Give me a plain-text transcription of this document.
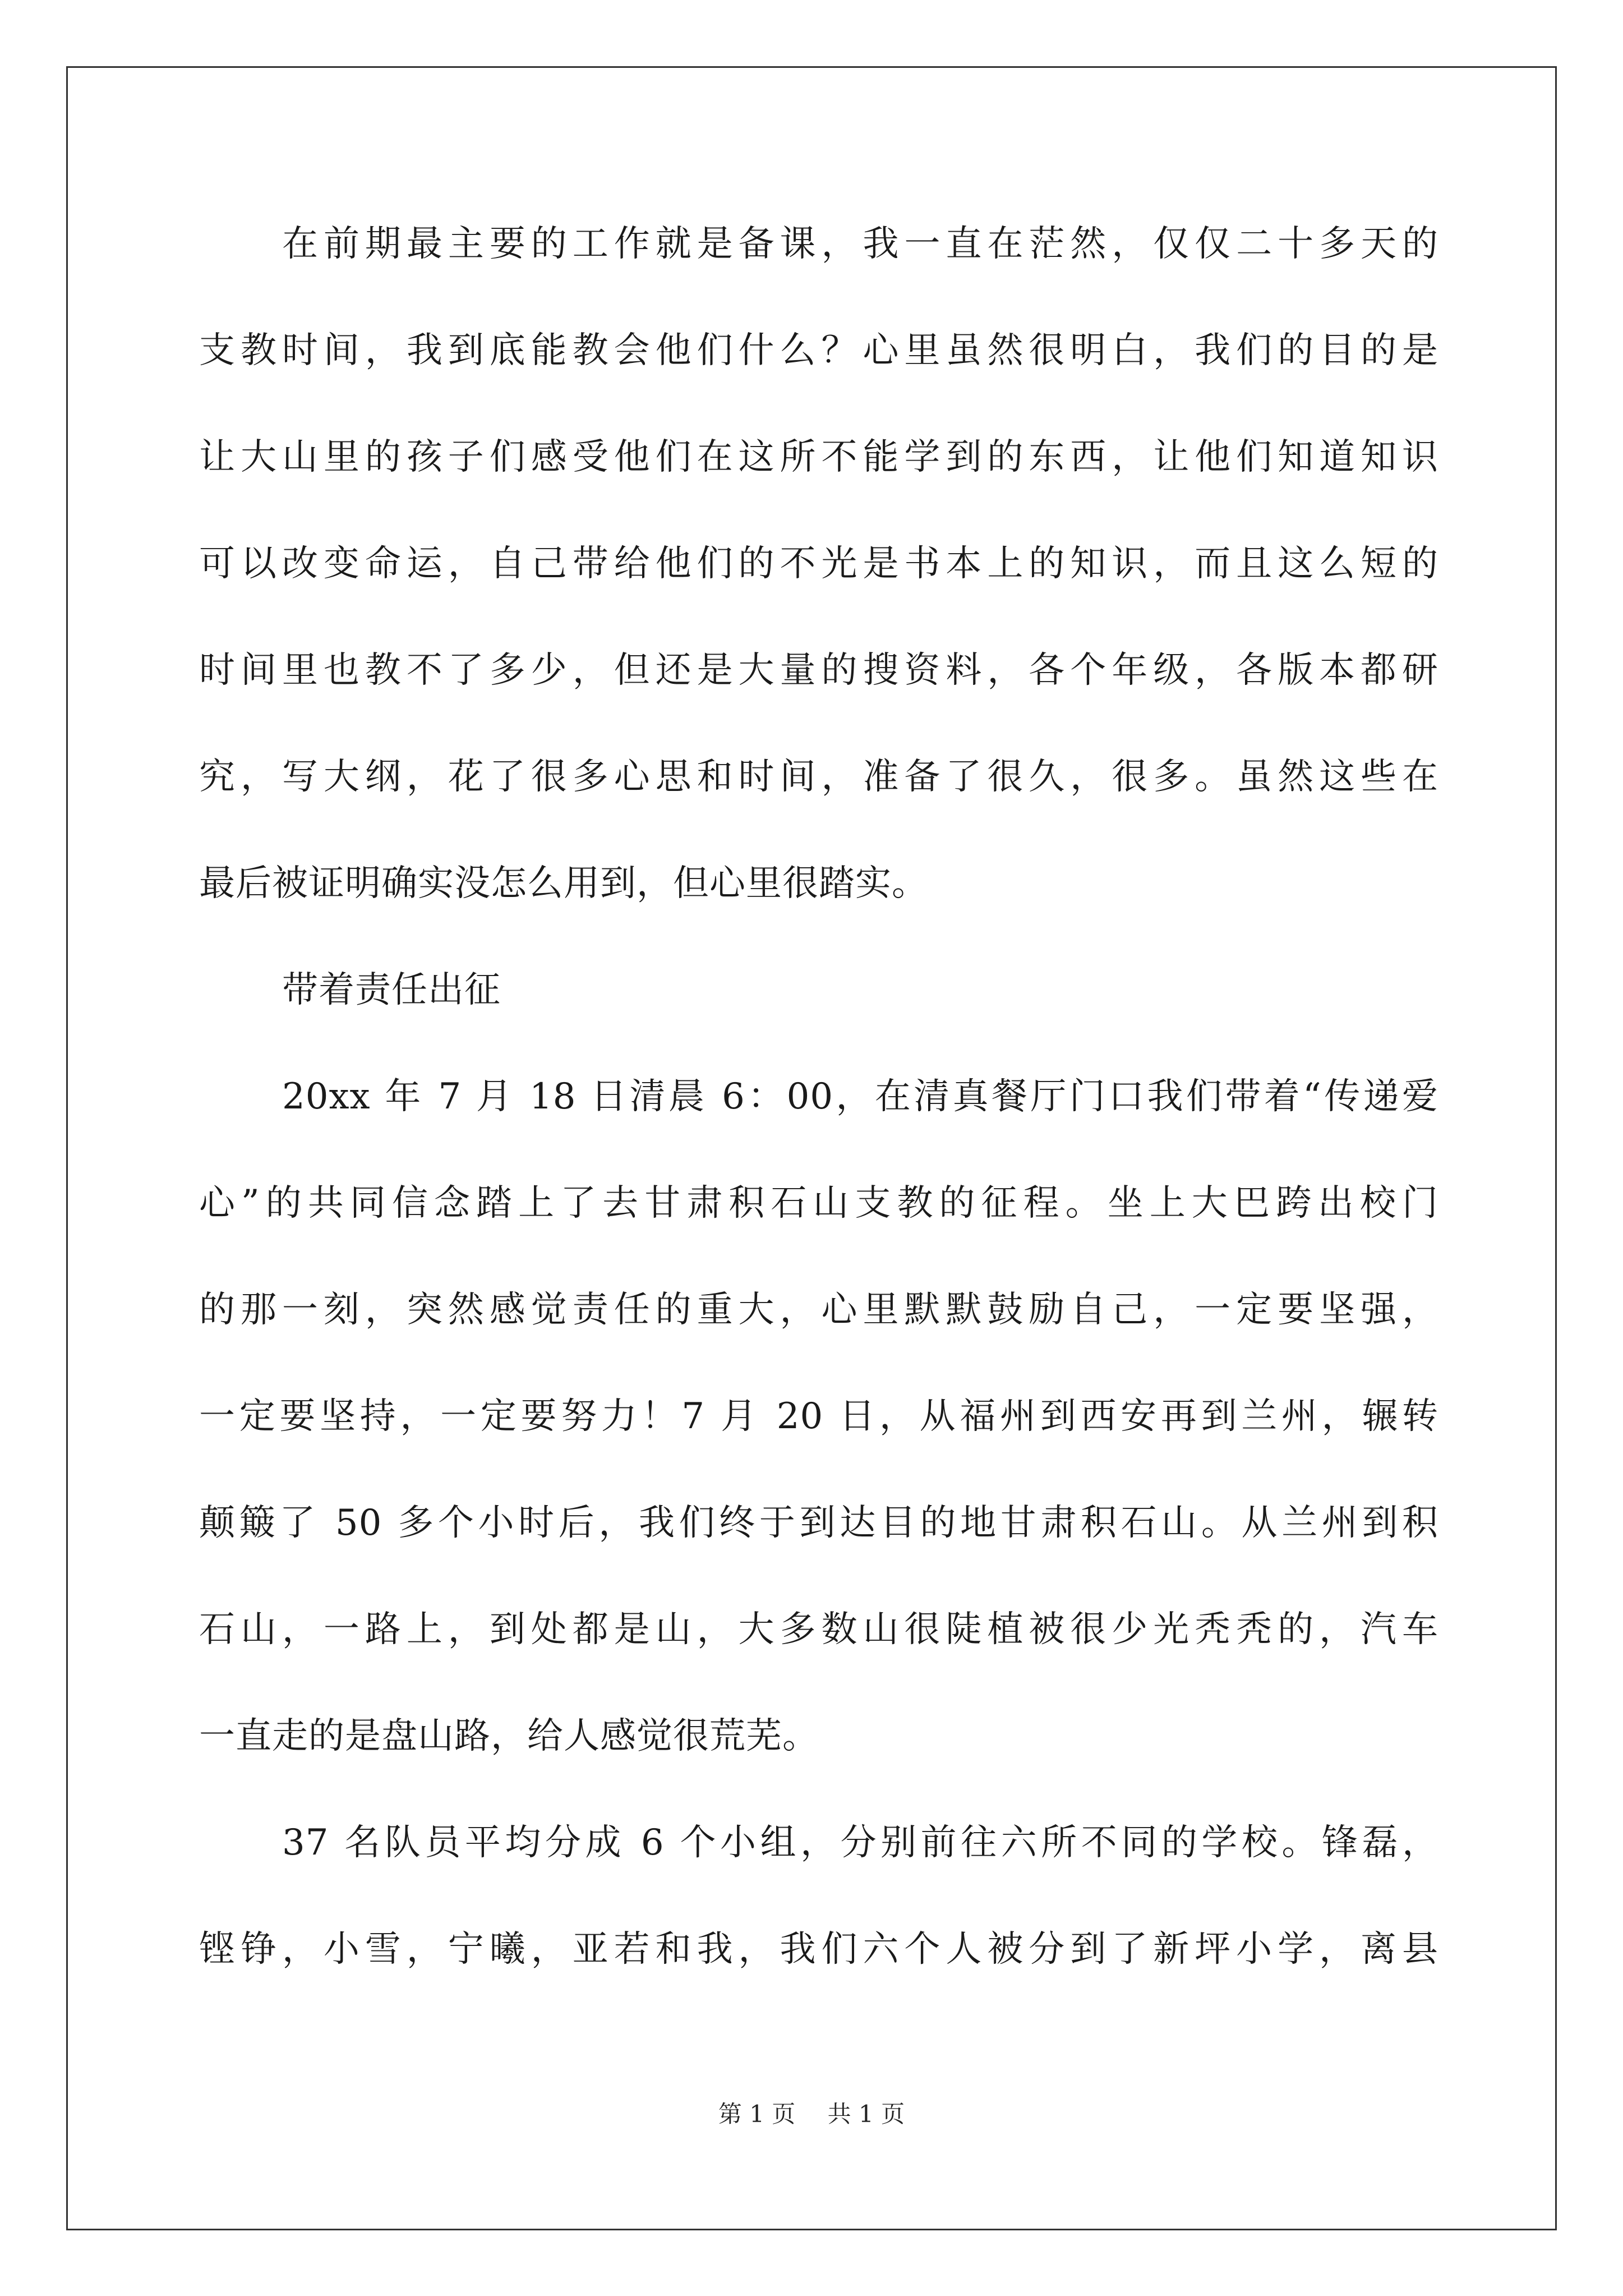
在前期最主要的工作就是备课，我一直在茫然，仅仅二十多天的
支教时间，我到底能教会他们什么？心里虽然很明白，我们的目的是
让大山里的孩子们感受他们在这所不能学到的东西，让他们知道知识
可以改变命运，自己带给他们的不光是书本上的知识，而且这么短的
时间里也教不了多少，但还是大量的搜资料，各个年级，各版本都研
究，写大纲，花了很多心思和时间，准备了很久，很多。虽然这些在
最后被证明确实没怎么用到，但心里很踏实。
带着责任出征
20xx 年 7 月 18 日清晨 6：00，在清真餐厅门口我们带着“传递爱
心”的共同信念踏上了去甘肃积石山支教的征程。坐上大巴跨出校门
的那一刻，突然感觉责任的重大，心里默默鼓励自己，一定要坚强，
一定要坚持，一定要努力！7 月 20 日，从福州到西安再到兰州，辗转
颠簸了 50 多个小时后，我们终于到达目的地甘肃积石山。从兰州到积
石山，一路上，到处都是山，大多数山很陡植被很少光秃秃的，汽车
一直走的是盘山路，给人感觉很荒芜。
37 名队员平均分成 6 个小组，分别前往六所不同的学校。锋磊，
铿铮，小雪，宁曦，亚若和我，我们六个人被分到了新坪小学，离县
第 1 页 共 1 页
